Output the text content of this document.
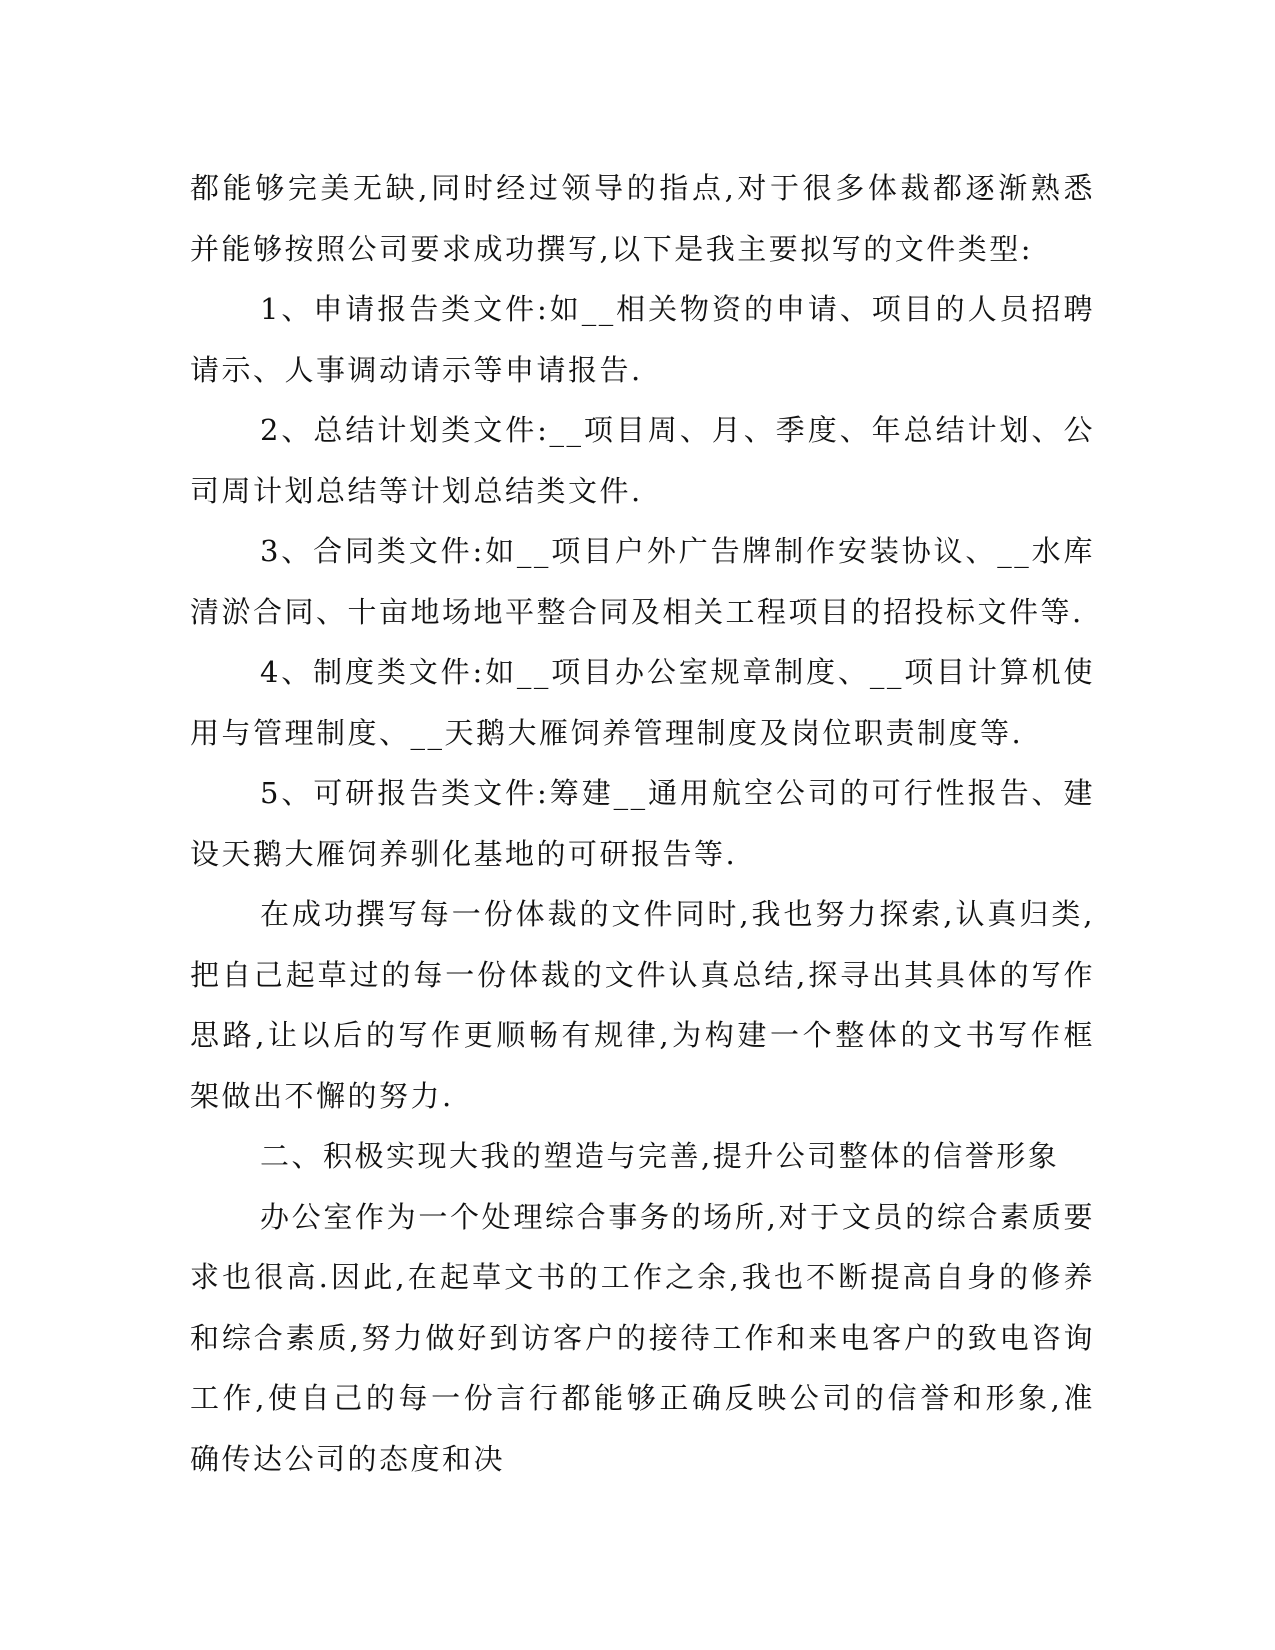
都能够完美无缺,同时经过领导的指点,对于很多体裁都逐渐熟悉并能够按照公司要求成功撰写,以下是我主要拟写的文件类型:

1、申请报告类文件:如__相关物资的申请、项目的人员招聘请示、人事调动请示等申请报告.

2、总结计划类文件:__项目周、月、季度、年总结计划、公司周计划总结等计划总结类文件.

3、合同类文件:如__项目户外广告牌制作安装协议、__水库清淤合同、十亩地场地平整合同及相关工程项目的招投标文件等.

4、制度类文件:如__项目办公室规章制度、__项目计算机使用与管理制度、__天鹅大雁饲养管理制度及岗位职责制度等.

5、可研报告类文件:筹建__通用航空公司的可行性报告、建设天鹅大雁饲养驯化基地的可研报告等.

在成功撰写每一份体裁的文件同时,我也努力探索,认真归类,把自己起草过的每一份体裁的文件认真总结,探寻出其具体的写作思路,让以后的写作更顺畅有规律,为构建一个整体的文书写作框架做出不懈的努力.

二、积极实现大我的塑造与完善,提升公司整体的信誉形象

办公室作为一个处理综合事务的场所,对于文员的综合素质要求也很高.因此,在起草文书的工作之余,我也不断提高自身的修养和综合素质,努力做好到访客户的接待工作和来电客户的致电咨询工作,使自己的每一份言行都能够正确反映公司的信誉和形象,准确传达公司的态度和决
